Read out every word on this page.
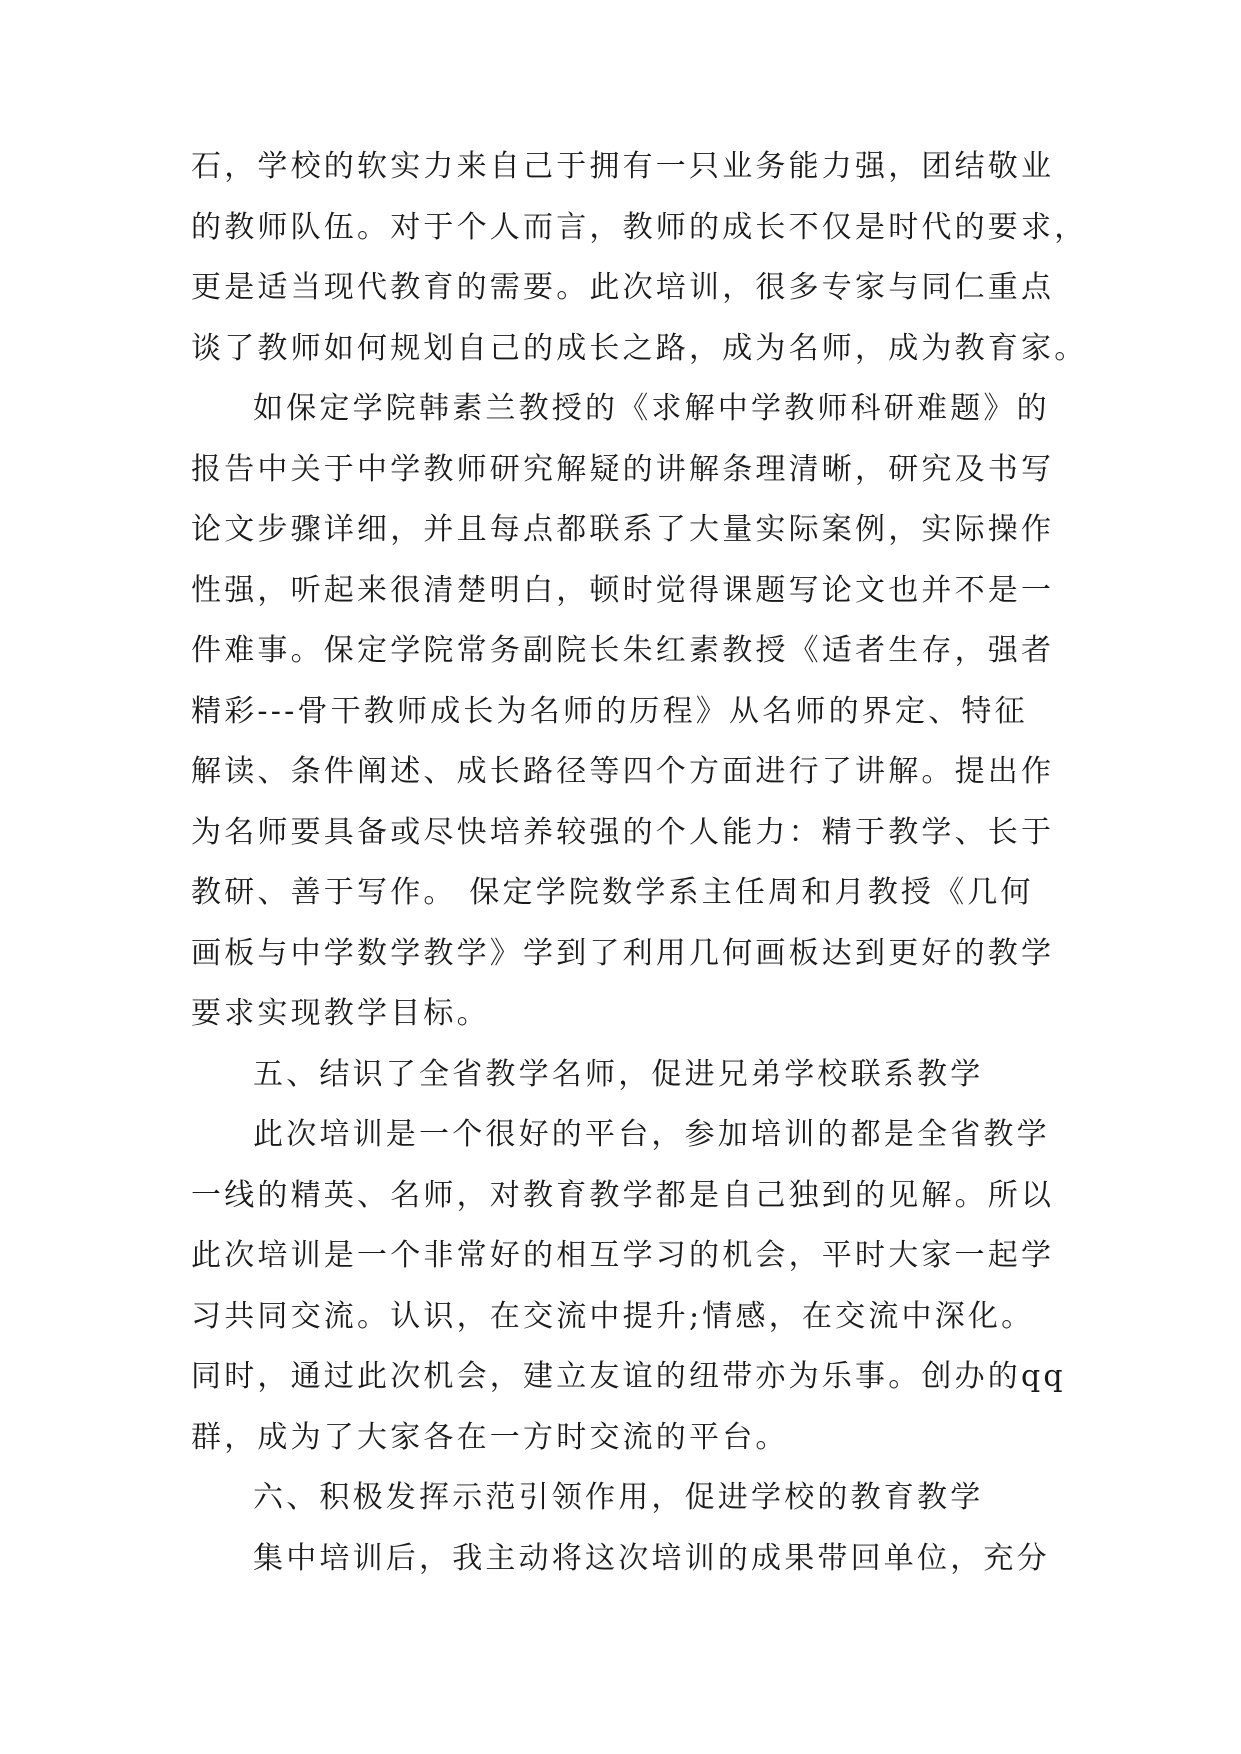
石，学校的软实力来自己于拥有一只业务能力强，团结敬业
的教师队伍。对于个人而言，教师的成长不仅是时代的要求，
更是适当现代教育的需要。此次培训，很多专家与同仁重点
谈了教师如何规划自己的成长之路，成为名师，成为教育家。
如保定学院韩素兰教授的《求解中学教师科研难题》的
报告中关于中学教师研究解疑的讲解条理清晰，研究及书写
论文步骤详细，并且每点都联系了大量实际案例，实际操作
性强，听起来很清楚明白，顿时觉得课题写论文也并不是一
件难事。保定学院常务副院长朱红素教授《适者生存，强者
精彩---骨干教师成长为名师的历程》从名师的界定、特征
解读、条件阐述、成长路径等四个方面进行了讲解。提出作
为名师要具备或尽快培养较强的个人能力：精于教学、长于
教研、善于写作。 保定学院数学系主任周和月教授《几何
画板与中学数学教学》学到了利用几何画板达到更好的教学
要求实现教学目标。
五、结识了全省教学名师，促进兄弟学校联系教学
此次培训是一个很好的平台，参加培训的都是全省教学
一线的精英、名师，对教育教学都是自己独到的见解。所以
此次培训是一个非常好的相互学习的机会，平时大家一起学
习共同交流。认识，在交流中提升;情感，在交流中深化。
同时，通过此次机会，建立友谊的纽带亦为乐事。创办的qq
群，成为了大家各在一方时交流的平台。
六、积极发挥示范引领作用，促进学校的教育教学
集中培训后，我主动将这次培训的成果带回单位，充分
